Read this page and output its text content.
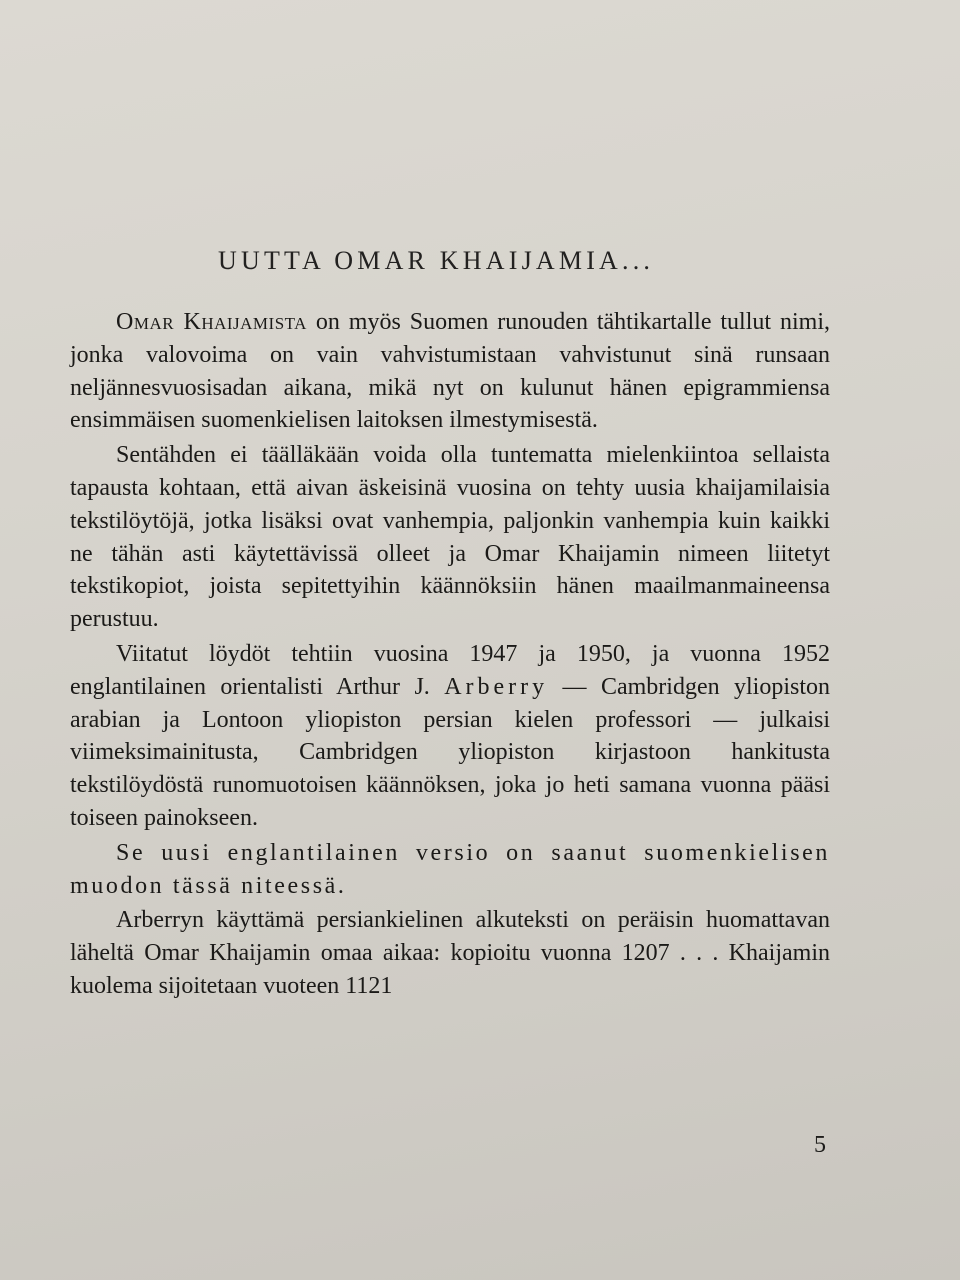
UUTTA OMAR KHAIJAMIA...

Omar Khaijamista on myös Suomen runouden tähtikartalle tullut nimi, jonka valovoima on vain vahvistumistaan vahvistunut sinä runsaan neljännesvuosisadan aikana, mikä nyt on kulunut hänen epigrammiensa ensimmäisen suomenkielisen laitoksen ilmestymisestä.

Sentähden ei täälläkään voida olla tuntematta mielenkiintoa sellaista tapausta kohtaan, että aivan äskeisinä vuosina on tehty uusia khaijamilaisia tekstilöytöjä, jotka lisäksi ovat vanhempia, paljonkin vanhempia kuin kaikki ne tähän asti käytettävissä olleet ja Omar Khaijamin nimeen liitetyt tekstikopiot, joista sepitettyihin käännöksiin hänen maailmanmaineensa perustuu.

Viitatut löydöt tehtiin vuosina 1947 ja 1950, ja vuonna 1952 englantilainen orientalisti Arthur J. Arberry — Cambridgen yliopiston arabian ja Lontoon yliopiston persian kielen professori — julkaisi viimeksimainitusta, Cambridgen yliopiston kirjastoon hankitusta tekstilöydöstä runomuotoisen käännöksen, joka jo heti samana vuonna pääsi toiseen painokseen.

Se uusi englantilainen versio on saanut suomenkielisen muodon tässä niteessä.

Arberryn käyttämä persiankielinen alkuteksti on peräisin huomattavan läheltä Omar Khaijamin omaa aikaa: kopioitu vuonna 1207 . . . Khaijamin kuolema sijoitetaan vuoteen 1121

5
